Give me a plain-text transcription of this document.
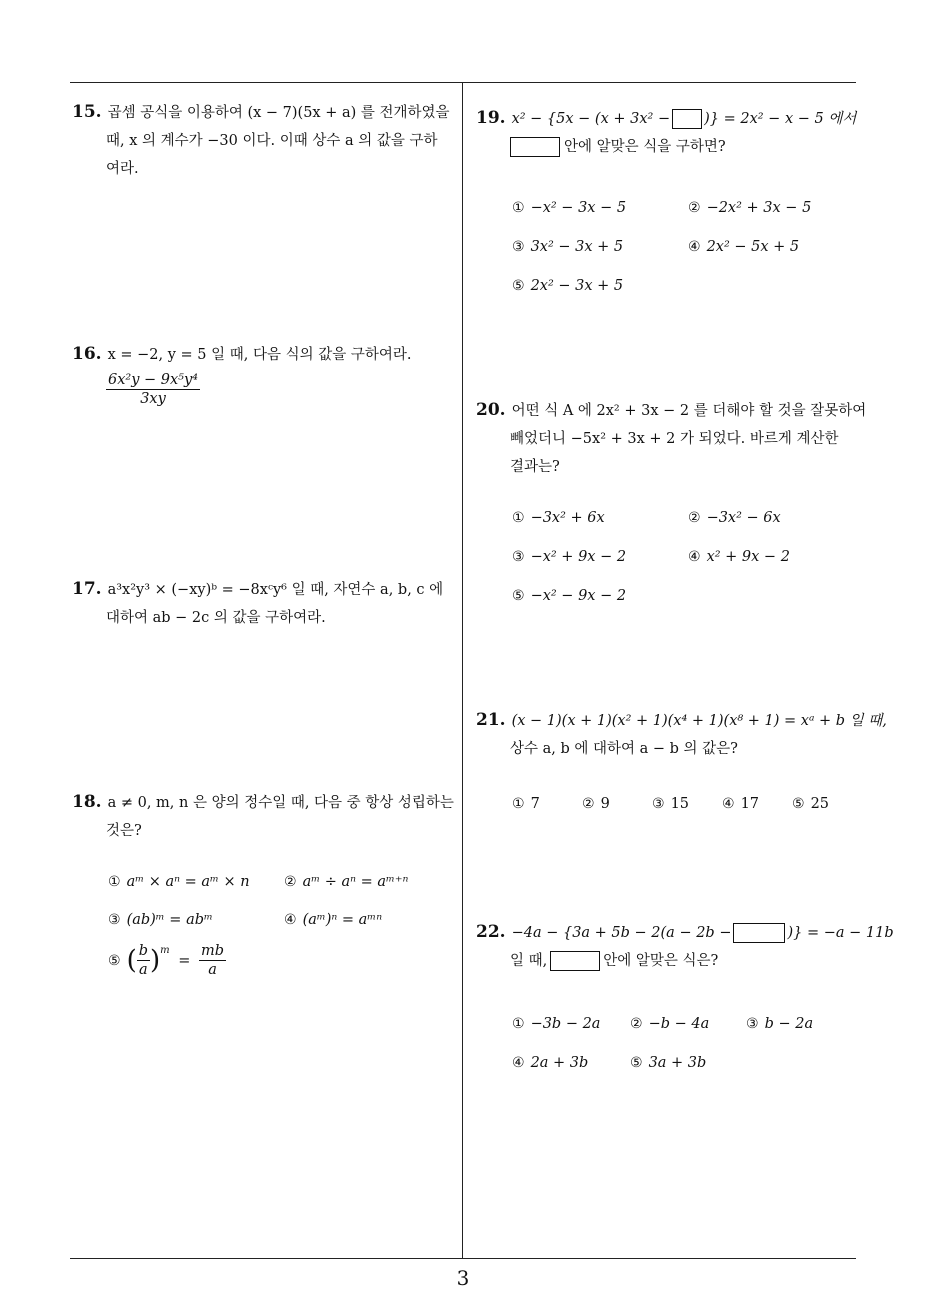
15. 곱셈 공식을 이용하여 (x − 7)(5x + a) 를 전개하였을
때, x 의 계수가 −30 이다. 이때 상수 a 의 값을 구하
여라.
16. x = −2, y = 5 일 때, 다음 식의 값을 구하여라.
$\frac{\text{6x²y − 9x⁵y⁴}}{3xy}$
17. a³x²y³ × (−xy)ᵇ = −8xᶜy⁶ 일 때, 자연수 a, b, c 에
대하여 ab − 2c 의 값을 구하여라.
18. a ≠ 0, m, n 은 양의 정수일 때, 다음 중 항상 성립하는
것은?
① aᵐ × aⁿ = aᵐ × n ② aᵐ ÷ aⁿ = aᵐ⁺ⁿ
③ (ab)ᵐ = abᵐ	④ (aᵐ)ⁿ = aᵐⁿ
⑤ ( $\frac{b}{a} )^m = \frac{mb}{a}$
19. x² − {5x − (x + 3x² − )} = 2x² − x − 5 에서
안에 알맞은 식을 구하면?
① −x² − 3x − 5	② −2x² + 3x − 5
③ 3x² − 3x + 5	④ 2x² − 5x + 5
⑤ 2x² − 3x + 5
20. 어떤 식 A 에 2x² + 3x − 2 를 더해야 할 것을 잘못하여
빼었더니 −5x² + 3x + 2 가 되었다. 바르게 계산한
결과는?
① −3x² + 6x	② −3x² − 6x
③ −x² + 9x − 2	④ x² + 9x − 2
⑤ −x² − 9x − 2
21. (x − 1)(x + 1)(x² + 1)(x⁴ + 1)(x⁸ + 1) = xᵃ + b 일 때,
상수 a, b 에 대하여 a − b 의 값은?
① 7	② 9	③ 15 ④ 17 ⑤ 25
22. −4a − {3a + 5b − 2(a − 2b −	)} = −a − 11b
일 때,	안에 알맞은 식은?
① −3b − 2a ② −b − 4a	③ b − 2a
④ 2a + 3b	⑤ 3a + 3b
3
